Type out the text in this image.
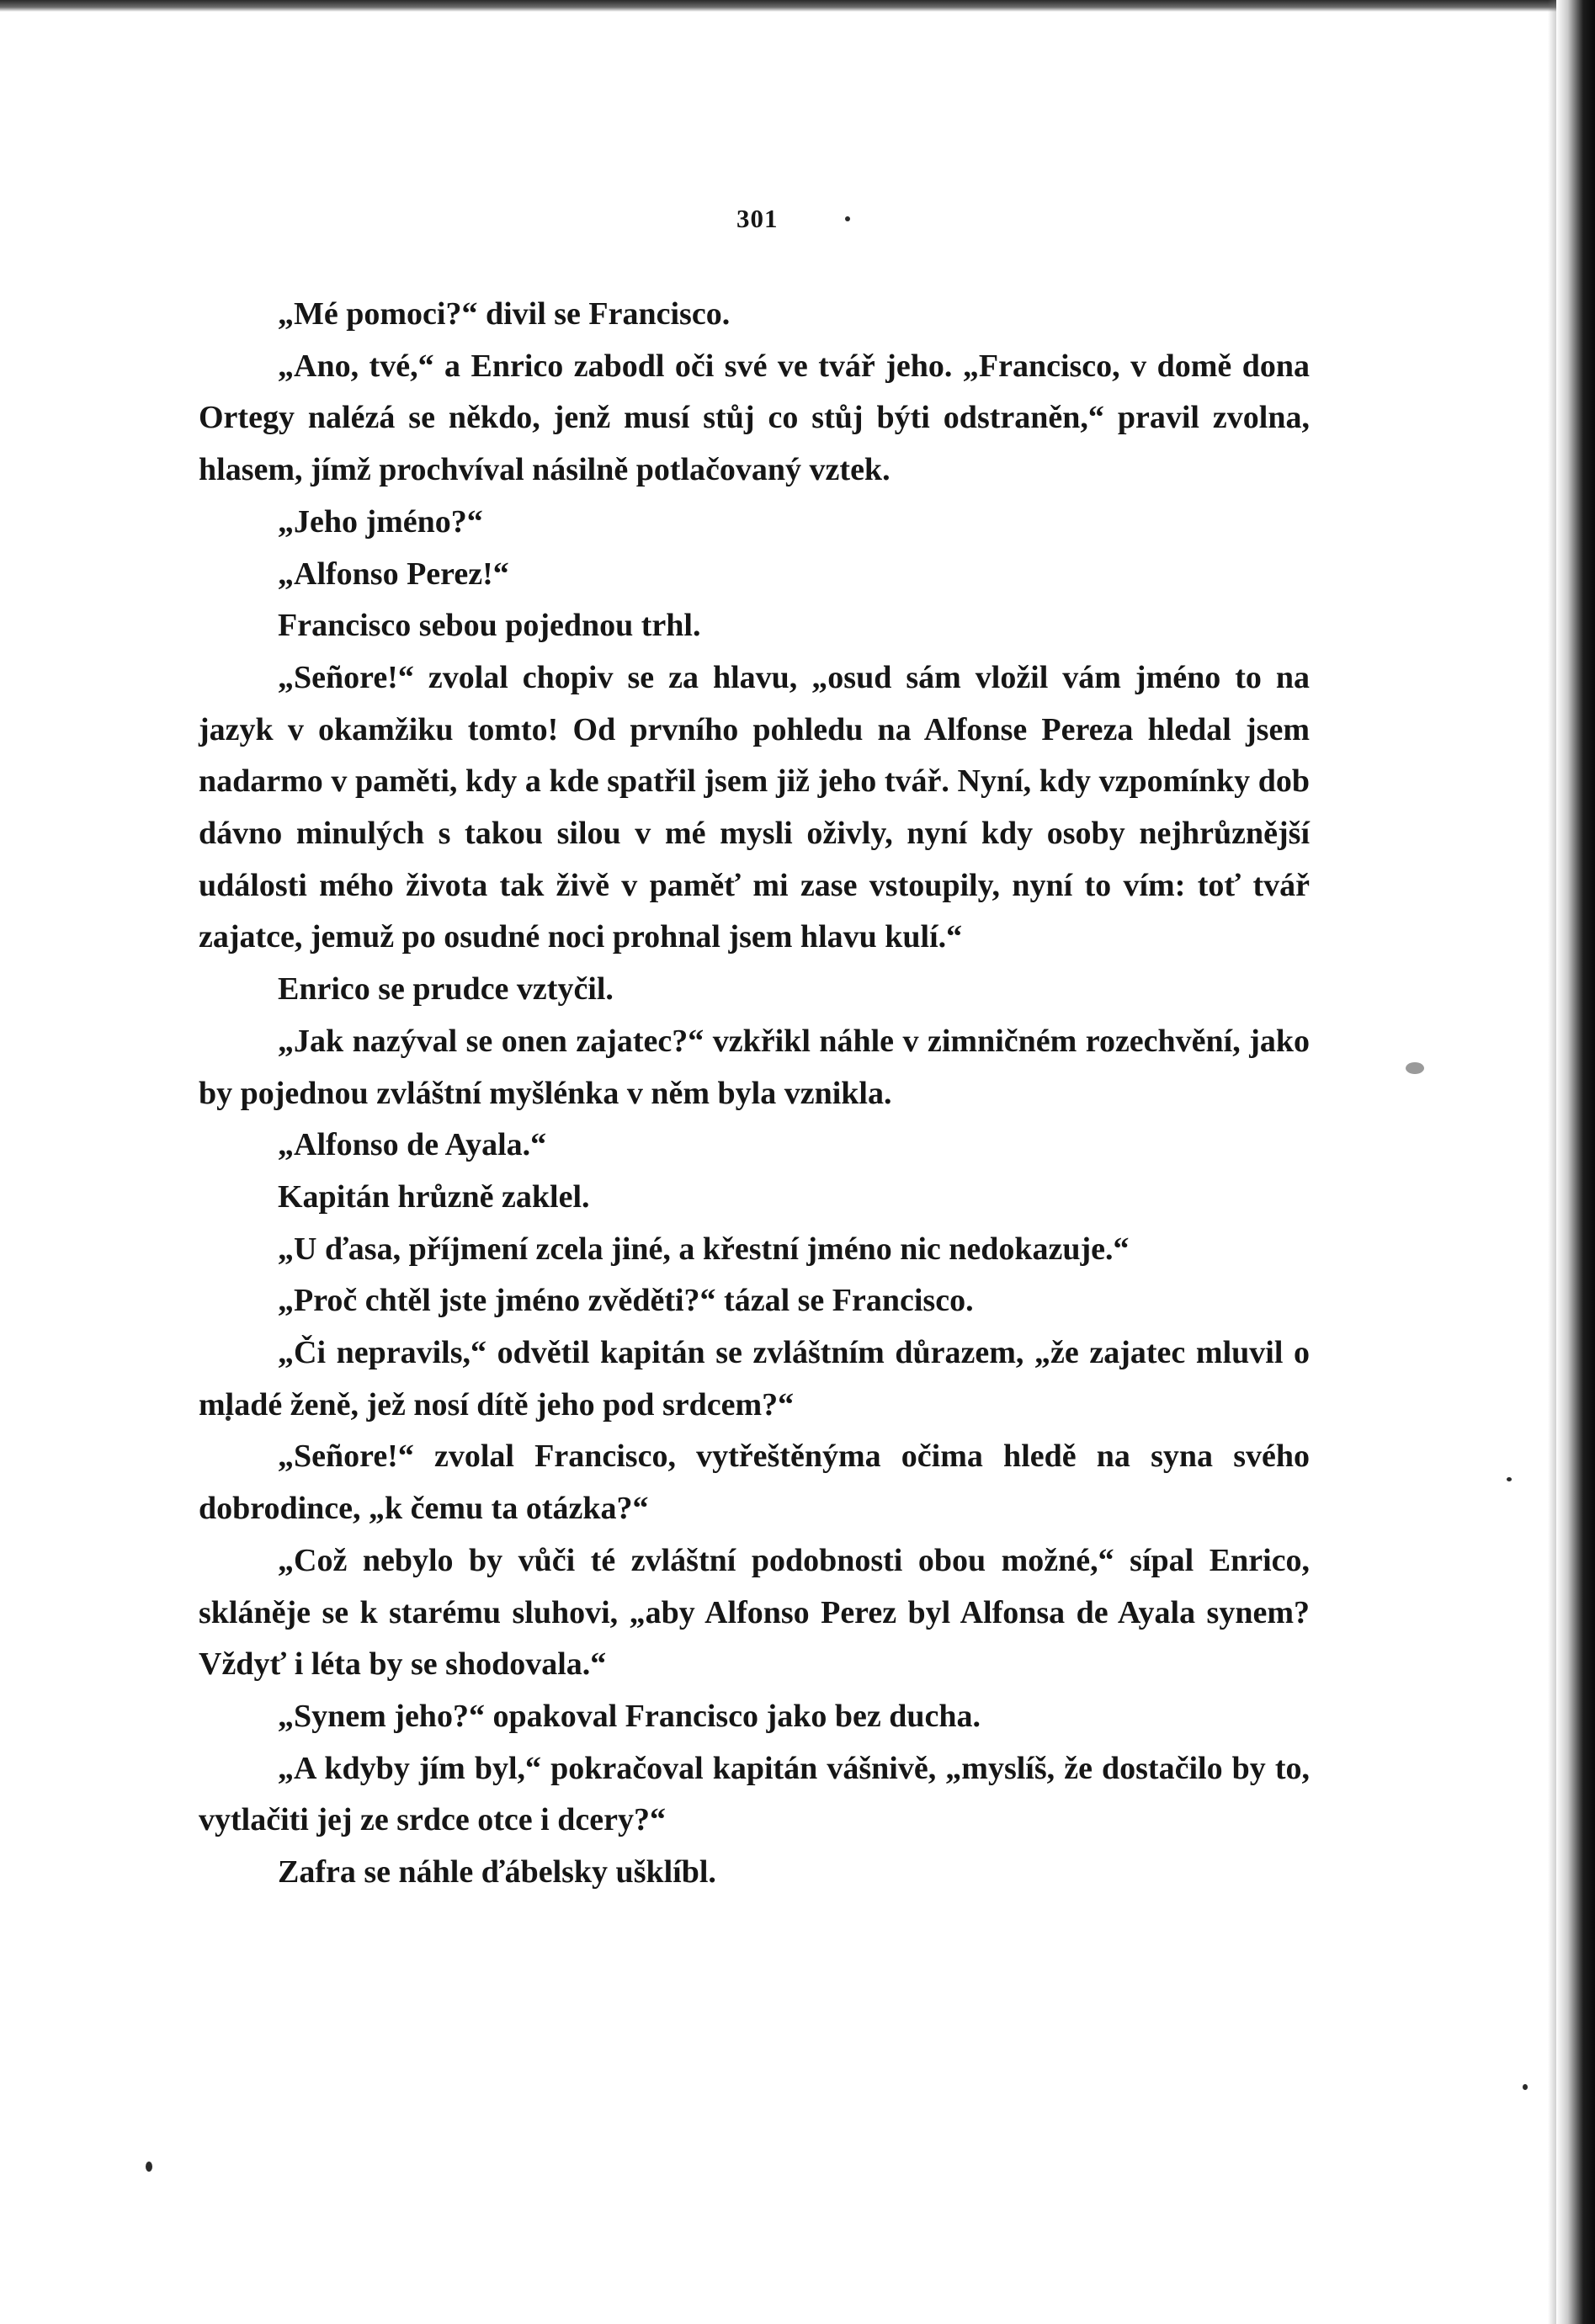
301

„Mé pomoci?“ divil se Francisco.

„Ano, tvé,“ a Enrico zabodl oči své ve tvář jeho. „Francisco, v domě dona Ortegy nalézá se někdo, jenž musí stůj co stůj býti odstraněn,“ pravil zvolna, hlasem, jímž prochvíval násilně potlačovaný vztek.

„Jeho jméno?“

„Alfonso Perez!“

Francisco sebou pojednou trhl.

„Señore!“ zvolal chopiv se za hlavu, „osud sám vložil vám jméno to na jazyk v okamžiku tomto! Od prvního pohledu na Alfonse Pereza hledal jsem nadarmo v paměti, kdy a kde spatřil jsem již jeho tvář. Nyní, kdy vzpomínky dob dávno minulých s takou silou v mé mysli oživly, nyní kdy osoby nejhrůznější události mého života tak živě v paměť mi zase vstoupily, nyní to vím: toť tvář zajatce, jemuž po osudné noci prohnal jsem hlavu kulí.“

Enrico se prudce vztyčil.

„Jak nazýval se onen zajatec?“ vzkřikl náhle v zimničném rozechvění, jako by pojednou zvláštní myšlénka v něm byla vznikla.

„Alfonso de Ayala.“

Kapitán hrůzně zaklel.

„U ďasa, příjmení zcela jiné, a křestní jméno nic nedokazuje.“

„Proč chtěl jste jméno zvěděti?“ tázal se Francisco.

„Či nepravils,“ odvětil kapitán se zvláštním důrazem, „že zajatec mluvil o mladé ženě, jež nosí dítě jeho pod srdcem?“

„Señore!“ zvolal Francisco, vytřeštěnýma očima hledě na syna svého dobrodince, „k čemu ta otázka?“

„Což nebylo by vůči té zvláštní podobnosti obou možné,“ sípal Enrico, skláněje se k starému sluhovi, „aby Alfonso Perez byl Alfonsa de Ayala synem? Vždyť i léta by se shodovala.“

„Synem jeho?“ opakoval Francisco jako bez ducha.

„A kdyby jím byl,“ pokračoval kapitán vášnivě, „myslíš, že dostačilo by to, vytlačiti jej ze srdce otce i dcery?“

Zafra se náhle ďábelsky ušklíbl.
